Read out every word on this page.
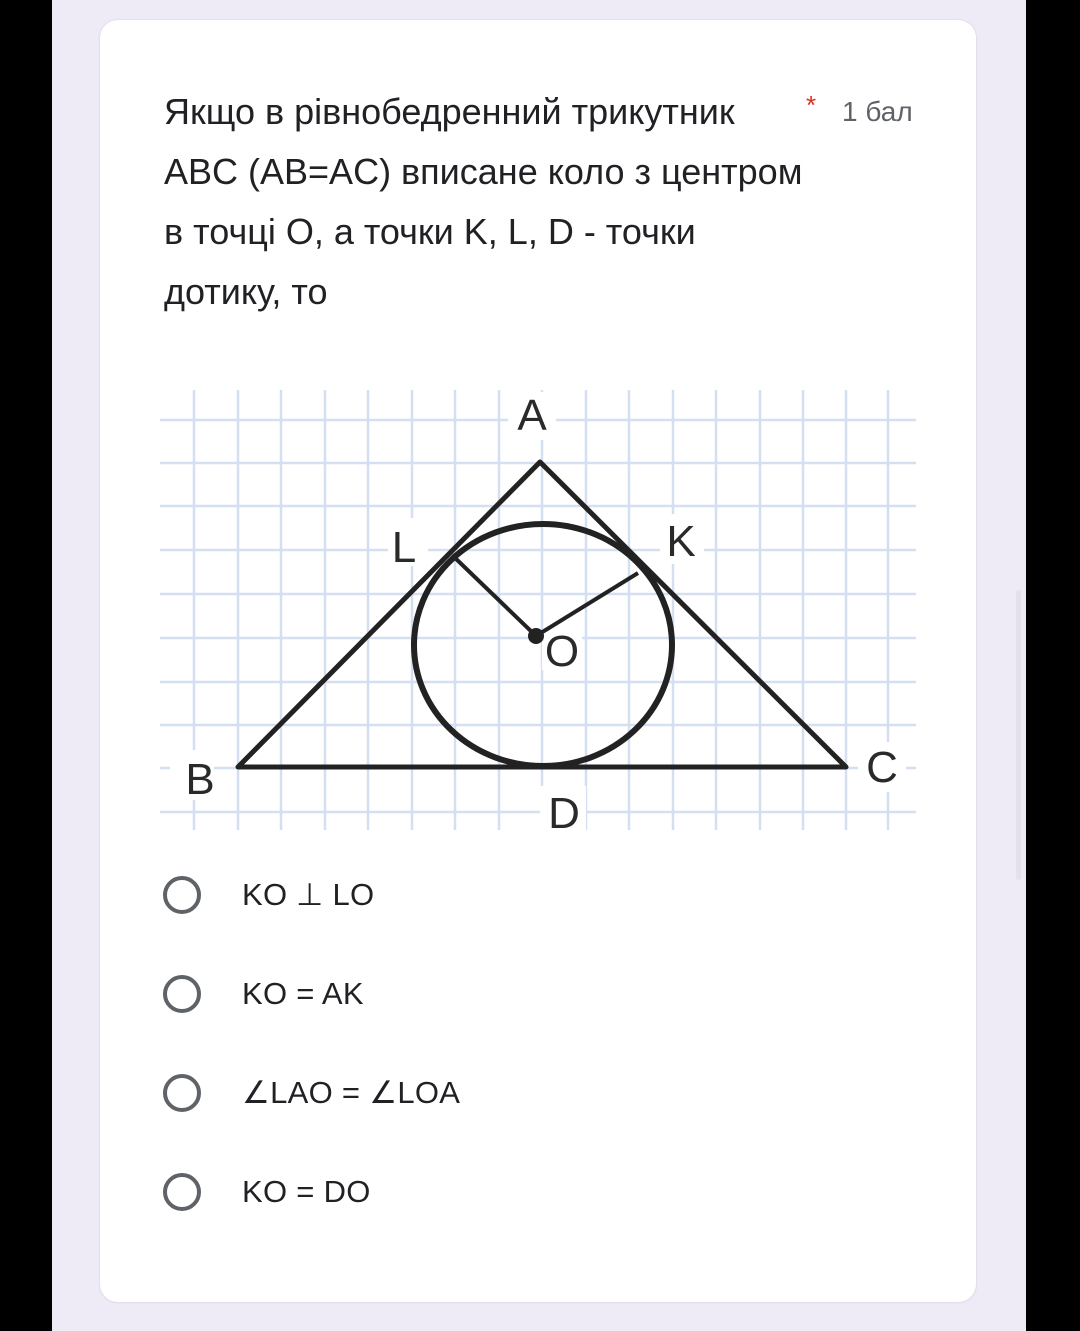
Якщо в рівнобедренний трикутник ABC (AB=AC) вписане коло з центром в точці О, а точки K, L, D - точки дотику, то

* 1 бал
A
L	K
O
B	C
D
KO ⊥ LO
KO = AK
∠LAO = ∠LOA
KO = DO
